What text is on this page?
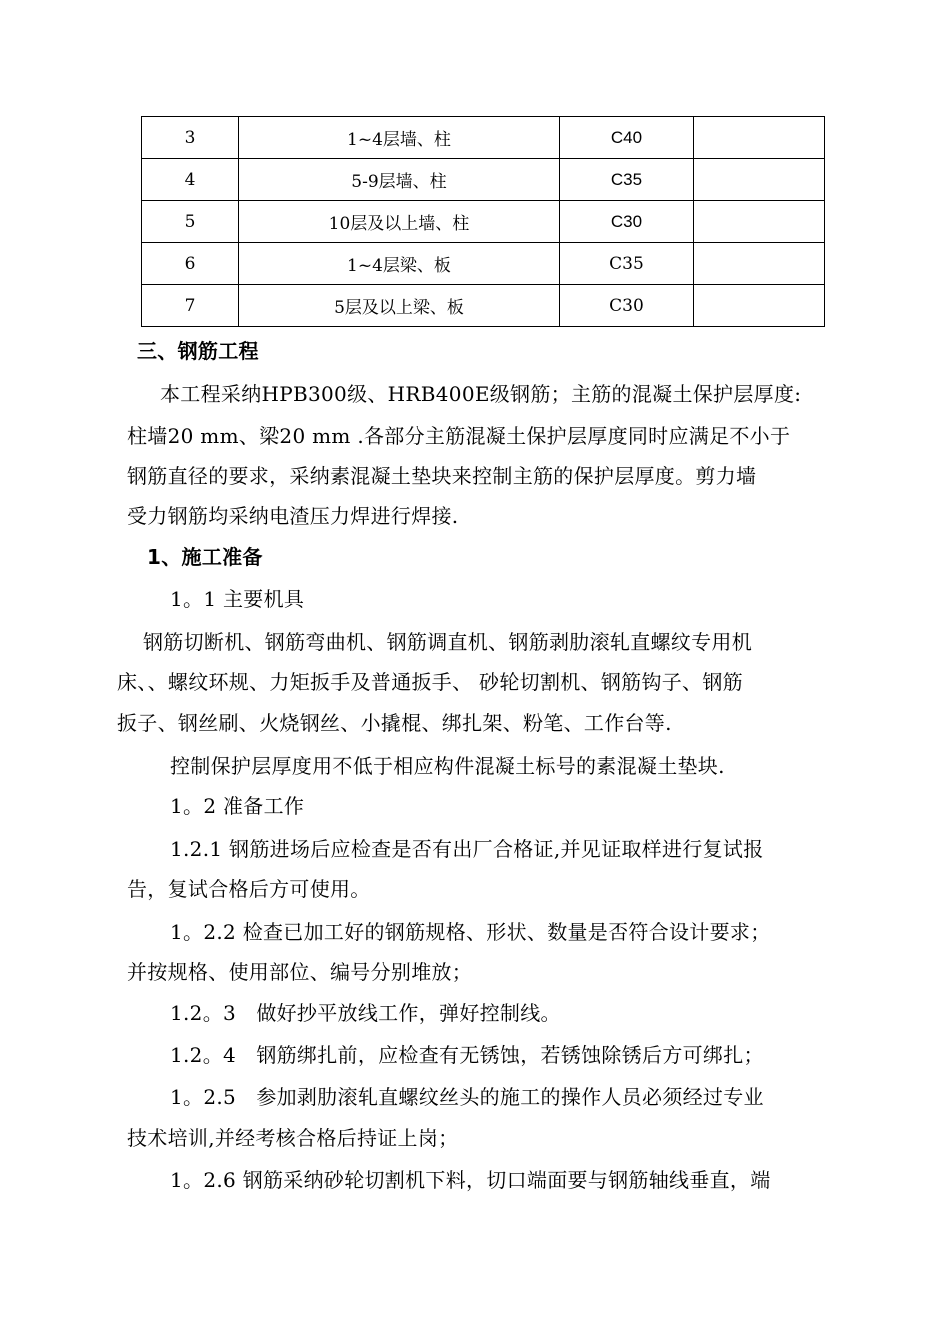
3	1~4层墙、柱	C40	
4	5-9层墙、柱	C35	
5	10层及以上墙、柱	C30	
6	1~4层梁、板	C35	
7	5层及以上梁、板	C30	
三、钢筋工程
本工程采纳HPB300级、HRB400E级钢筋；主筋的混凝土保护层厚度:
柱墙20 mm、梁20 mm .各部分主筋混凝土保护层厚度同时应满足不小于
钢筋直径的要求，采纳素混凝土垫块来控制主筋的保护层厚度。剪力墙
受力钢筋均采纳电渣压力焊进行焊接.
1、施工准备
1。1 主要机具
钢筋切断机、钢筋弯曲机、钢筋调直机、钢筋剥肋滚轧直螺纹专用机
床、、螺纹环规、力矩扳手及普通扳手、 砂轮切割机、钢筋钩子、钢筋
扳子、钢丝刷、火烧钢丝、小撬棍、绑扎架、粉笔、工作台等.
控制保护层厚度用不低于相应构件混凝土标号的素混凝土垫块.
1。2 准备工作
1.2.1 钢筋进场后应检查是否有出厂合格证,并见证取样进行复试报
告，复试合格后方可使用。
1。2.2 检查已加工好的钢筋规格、形状、数量是否符合设计要求；
并按规格、使用部位、编号分别堆放；
1.2。3　做好抄平放线工作，弹好控制线。
1.2。4　钢筋绑扎前，应检查有无锈蚀，若锈蚀除锈后方可绑扎；
1。2.5　参加剥肋滚轧直螺纹丝头的施工的操作人员必须经过专业
技术培训,并经考核合格后持证上岗；
1。2.6 钢筋采纳砂轮切割机下料，切口端面要与钢筋轴线垂直，端
